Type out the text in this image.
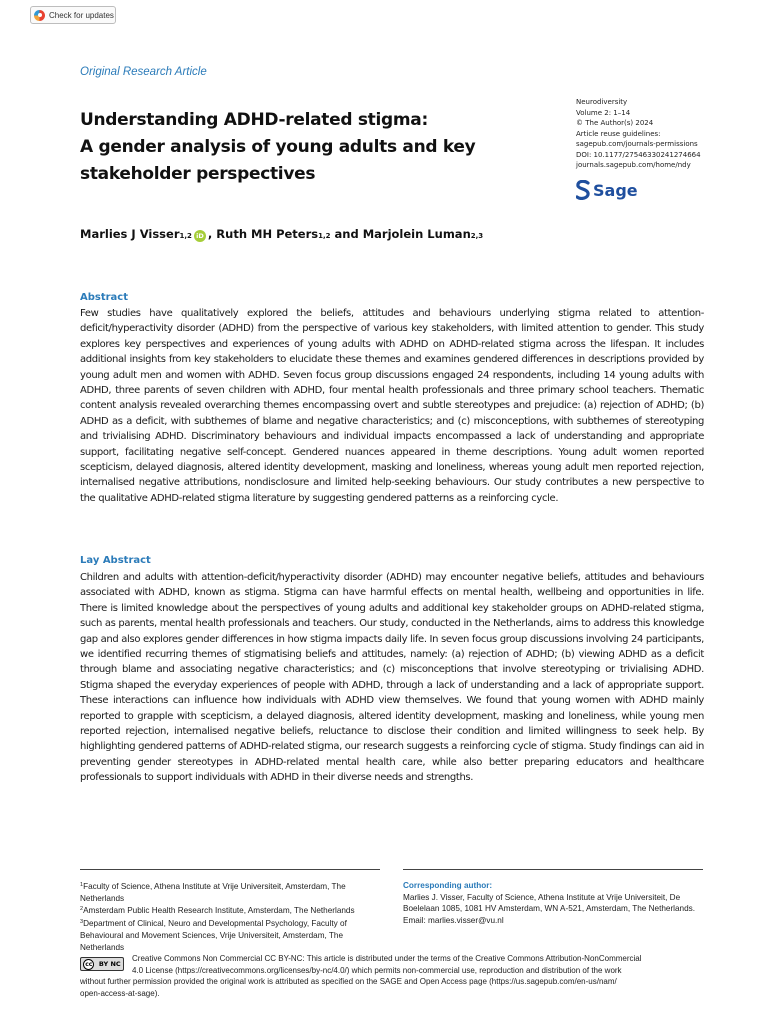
Check for updates
Original Research Article
Understanding ADHD-related stigma:
A gender analysis of young adults and key
stakeholder perspectives
Neurodiversity
Volume 2: 1–14
© The Author(s) 2024
Article reuse guidelines:
sagepub.com/journals-permissions
DOI: 10.1177/27546330241274664
journals.sagepub.com/home/ndy
Sage
Marlies J Visser 1,2 iD , Ruth MH Peters 1,2 and Marjolein Luman 2,3
Abstract

Few studies have qualitatively explored the beliefs, attitudes and behaviours underlying stigma related to attention-deficit/hyperactivity disorder (ADHD) from the perspective of various key stakeholders, with limited attention to gender. This study explores key perspectives and experiences of young adults with ADHD on ADHD-related stigma across the lifespan. It includes additional insights from key stakeholders to elucidate these themes and examines gendered differences in descriptions provided by young adult men and women with ADHD. Seven focus group discussions engaged 24 respondents, including 14 young adults with ADHD, three parents of seven children with ADHD, four mental health professionals and three primary school teachers. Thematic content analysis revealed overarching themes encompassing overt and subtle stereotypes and prejudice: (a) rejection of ADHD; (b) ADHD as a deficit, with subthemes of blame and negative characteristics; and (c) misconceptions, with subthemes of stereotyping and trivialising ADHD. Discriminatory behaviours and individual impacts encompassed a lack of understanding and appropriate support, facilitating negative self-concept. Gendered nuances appeared in theme descriptions. Young adult women reported scepticism, delayed diagnosis, altered identity development, masking and loneliness, whereas young adult men reported rejection, internalised negative attributions, nondisclosure and limited help-seeking behaviours. Our study contributes a new perspective to the qualitative ADHD-related stigma literature by suggesting gendered patterns as a reinforcing cycle.

Lay Abstract

Children and adults with attention-deficit/hyperactivity disorder (ADHD) may encounter negative beliefs, attitudes and behaviours associated with ADHD, known as stigma. Stigma can have harmful effects on mental health, wellbeing and opportunities in life. There is limited knowledge about the perspectives of young adults and additional key stakeholder groups on ADHD-related stigma, such as parents, mental health professionals and teachers. Our study, conducted in the Netherlands, aims to address this knowledge gap and also explores gender differences in how stigma impacts daily life. In seven focus group discussions involving 24 participants, we identified recurring themes of stigmatising beliefs and attitudes, namely: (a) rejection of ADHD; (b) viewing ADHD as a deficit through blame and associating negative characteristics; and (c) misconceptions that involve stereotyping or trivialising ADHD. Stigma shaped the everyday experiences of people with ADHD, through a lack of understanding and a lack of appropriate support. These interactions can influence how individuals with ADHD view themselves. We found that young women with ADHD mainly reported to grapple with scepticism, a delayed diagnosis, altered identity development, masking and loneliness, while young men reported rejection, internalised negative beliefs, reluctance to disclose their condition and limited willingness to seek help. By highlighting gendered patterns of ADHD-related stigma, our research suggests a reinforcing cycle of stigma. Study findings can aid in preventing gender stereotypes in ADHD-related mental health care, while also better preparing educators and healthcare professionals to support individuals with ADHD in their diverse needs and strengths.

$^1$Faculty of Science, Athena Institute at Vrije Universiteit, Amsterdam, The Netherlands
$^2$Amsterdam Public Health Research Institute, Amsterdam, The Netherlands
$^3$Department of Clinical, Neuro and Developmental Psychology, Faculty of Behavioural and Movement Sciences, Vrije Universiteit, Amsterdam, The Netherlands
Corresponding author:
Marlies J. Visser, Faculty of Science, Athena Institute at Vrije Universiteit, De Boelelaan 1085, 1081 HV Amsterdam, WN A-521, Amsterdam, The Netherlands.
Email: marlies.visser@vu.nl
cc BY NC
Creative Commons Non Commercial CC BY-NC: This article is distributed under the terms of the Creative Commons Attribution-NonCommercial
4.0 License (https://creativecommons.org/licenses/by-nc/4.0/) which permits non-commercial use, reproduction and distribution of the work
without further permission provided the original work is attributed as specified on the SAGE and Open Access page (https://us.sagepub.com/en-us/nam/
open-access-at-sage).
